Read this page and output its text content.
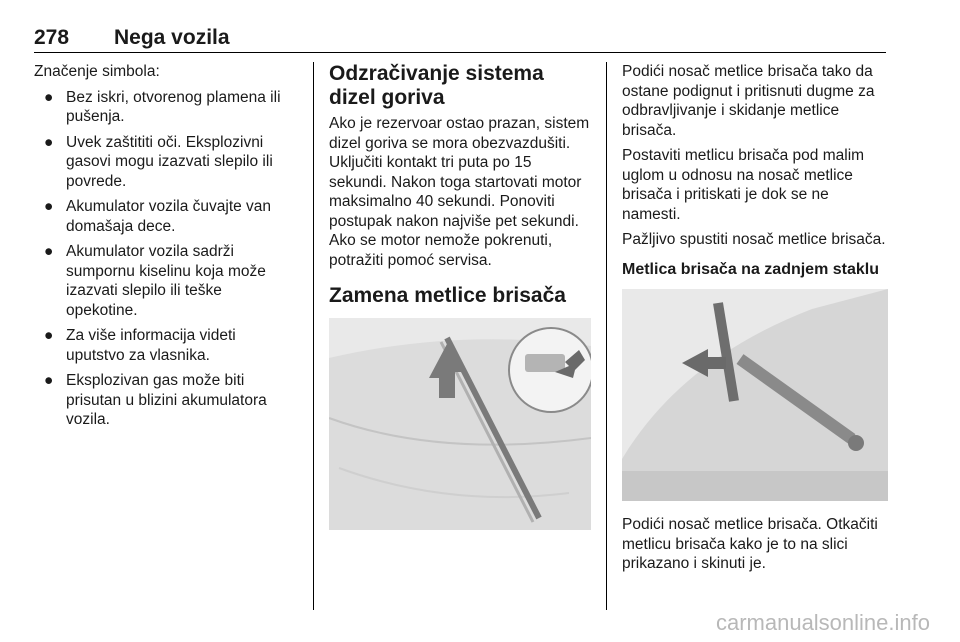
278 Nega vozila

Značenje simbola:

● Bez iskri, otvorenog plamena ili pušenja.
● Uvek zaštititi oči. Eksplozivni gasovi mogu izazvati slepilo ili povrede.
● Akumulator vozila čuvajte van domašaja dece.
● Akumulator vozila sadrži sumpornu kiselinu koja može izazvati slepilo ili teške opekotine.
● Za više informacija videti uputstvo za vlasnika.
● Eksplozivan gas može biti prisutan u blizini akumulatora vozila.
Odzračivanje sistema dizel goriva

Ako je rezervoar ostao prazan, sistem dizel goriva se mora obezvazdušiti. Uključiti kontakt tri puta po 15 sekundi. Nakon toga startovati motor maksimalno 40 sekundi. Ponoviti postupak nakon najviše pet sekundi. Ako se motor nemože pokrenuti, potražiti pomoć servisa.

Zamena metlice brisača

Podići nosač metlice brisača tako da ostane podignut i pritisnuti dugme za odbravljivanje i skidanje metlice brisača.

Postaviti metlicu brisača pod malim uglom u odnosu na nosač metlice brisača i pritiskati je dok se ne namesti.

Pažljivo spustiti nosač metlice brisača.

Metlica brisača na zadnjem staklu

Podići nosač metlice brisača. Otkačiti metlicu brisača kako je to na slici prikazano i skinuti je.

carmanualsonline.info
